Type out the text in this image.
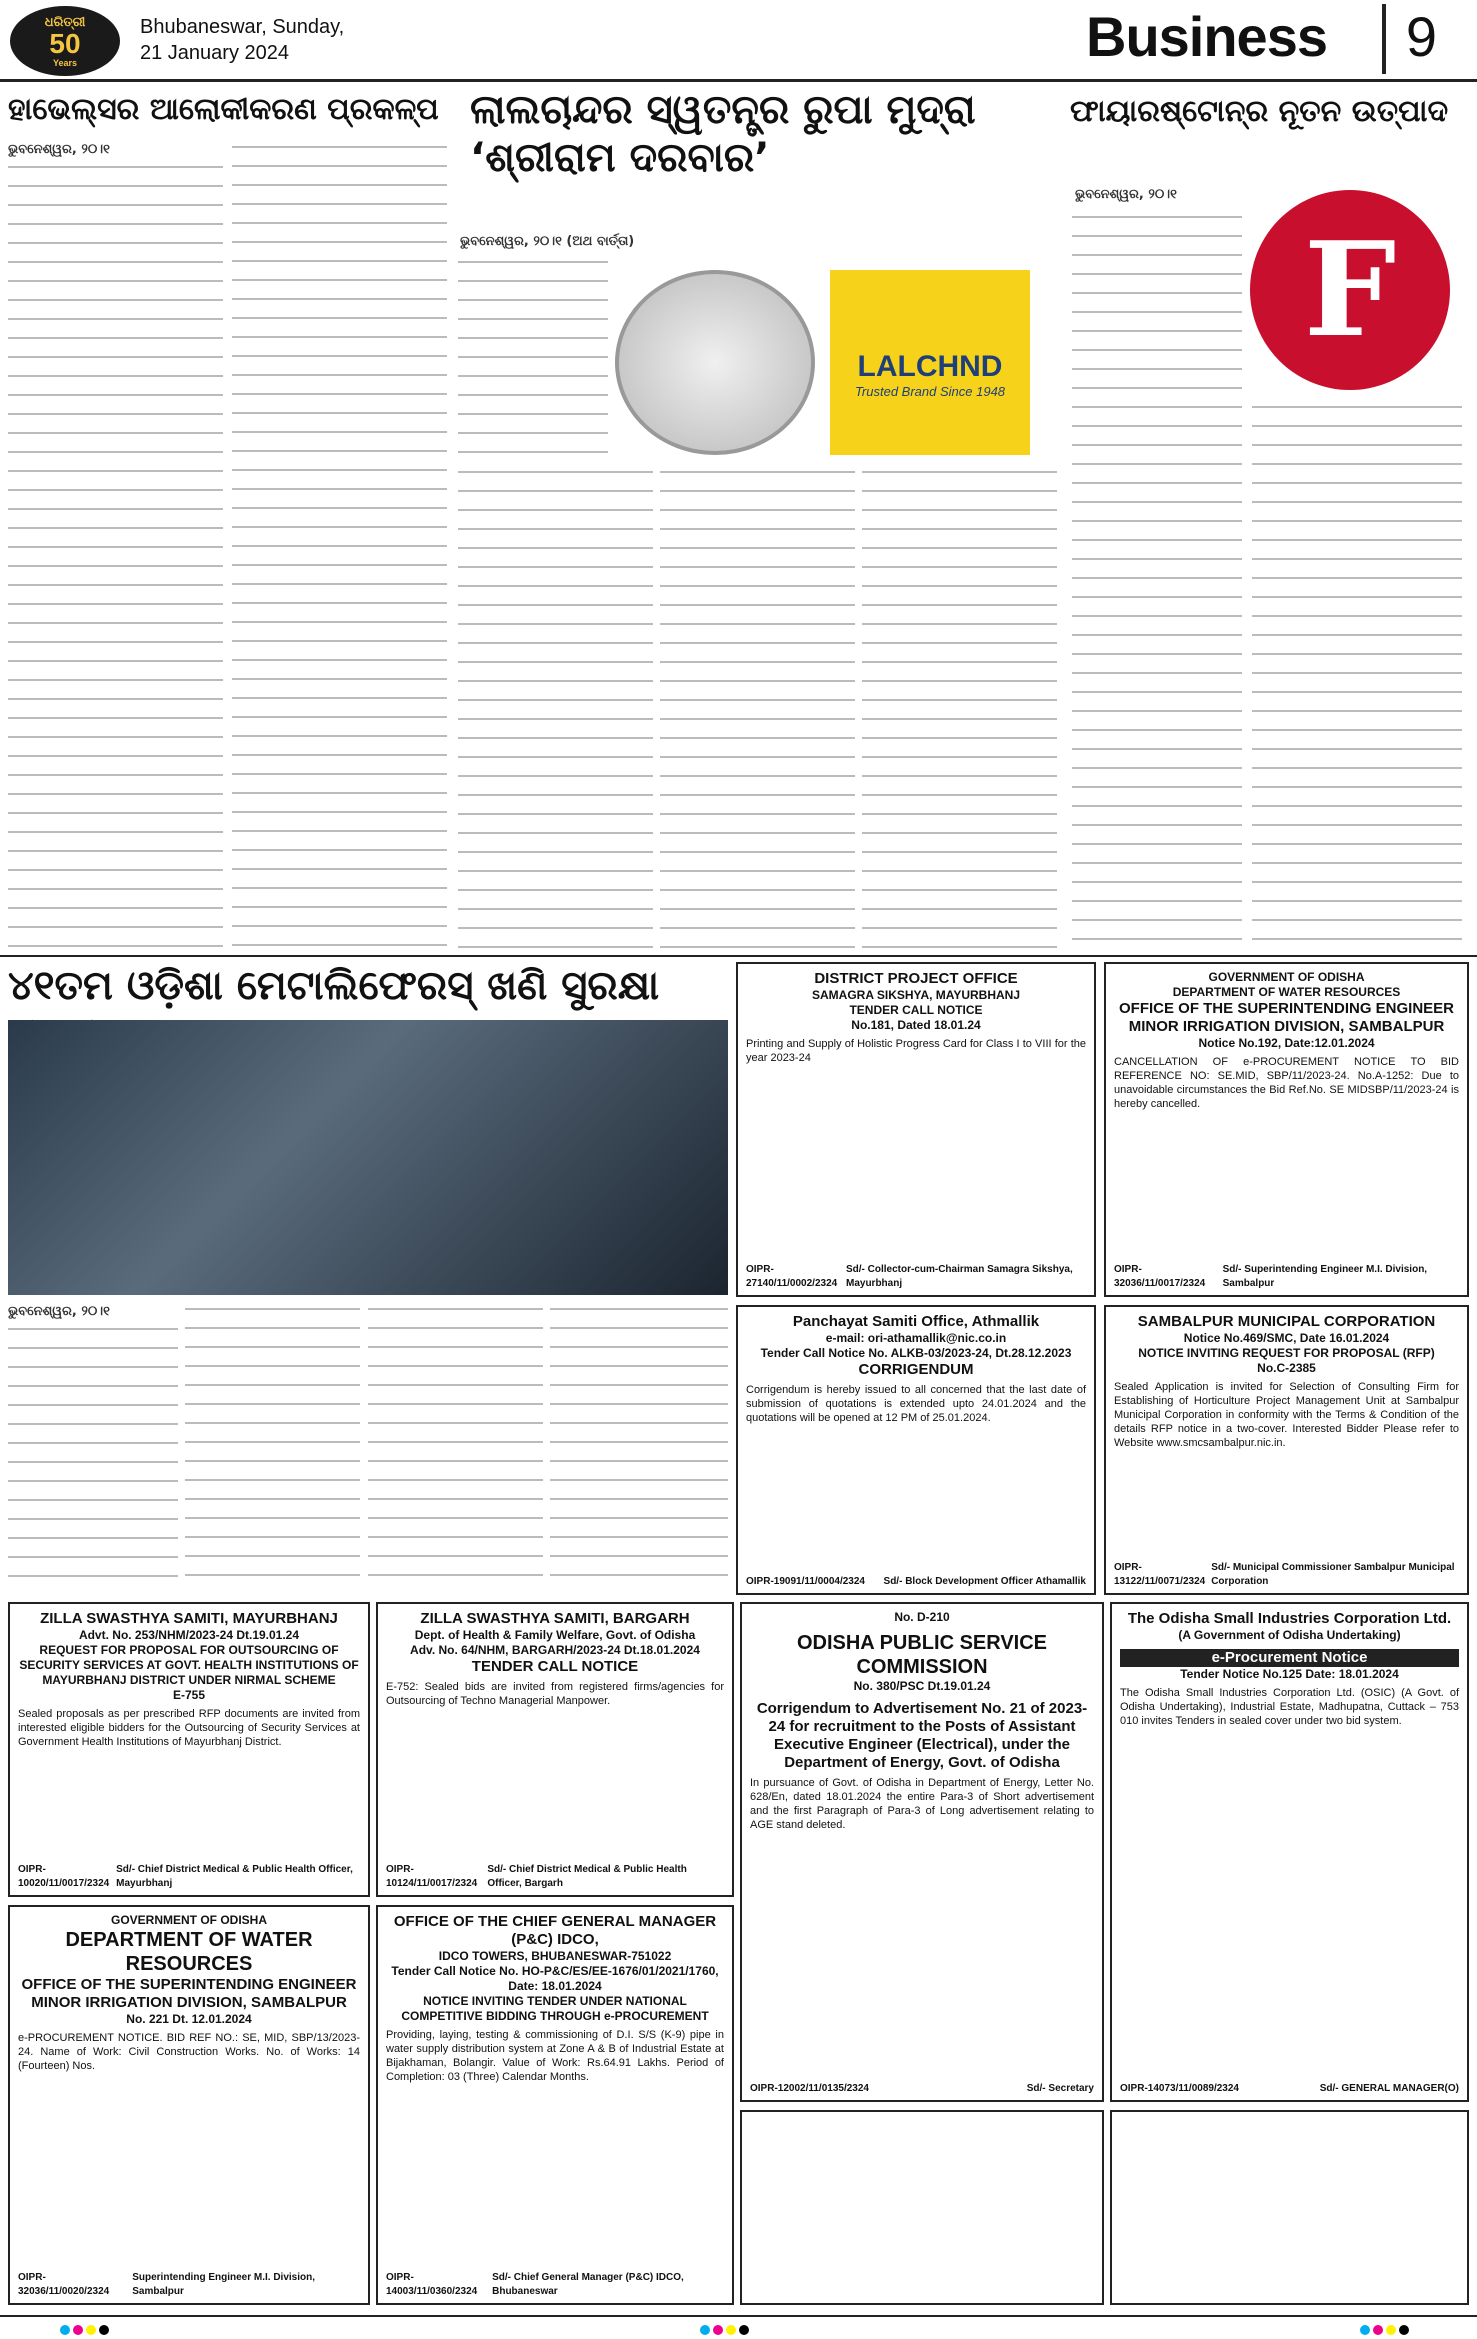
ଧରିତ୍ରୀ
50
Years
Bhubaneswar, Sunday,
21 January 2024	Business	9
ହାଭେଲ୍ସର ଆଲୋକୀକରଣ ପ୍ରକଳ୍ପ
ଭୁବନେଶ୍ୱର, ୨୦।୧
ଲାଲଚାନ୍ଦର ସ୍ୱତନ୍ତ୍ର ରୁପା ମୁଦ୍ରା ‘ଶ୍ରୀରାମ ଦରବାର’
ଭୁବନେଶ୍ୱର, ୨୦।୧ (ଅଥ ବାର୍ତ୍ତା)
LALCHND
Trusted Brand Since 1948
ଫାୟାରଷ୍ଟୋନ୍‌ର ନୂତନ ଉତ୍ପାଦ
ଭୁବନେଶ୍ୱର, ୨୦।୧
F
୪୧ତମ ଓଡ଼ିଶା ମେଟାଲିଫେରସ୍ ଖଣି ସୁରକ୍ଷା
ଭୁବନେଶ୍ୱର, ୨୦।୧
DISTRICT PROJECT OFFICE
SAMAGRA SIKSHYA, MAYURBHANJ
TENDER CALL NOTICE
No.181, Dated 18.01.24

Printing and Supply of Holistic Progress Card for Class I to VIII for the year 2023-24

OIPR-27140/11/0002/2324
Sd/- Collector-cum-Chairman Samagra Sikshya, Mayurbhanj
GOVERNMENT OF ODISHA
DEPARTMENT OF WATER RESOURCES
OFFICE OF THE SUPERINTENDING ENGINEER MINOR IRRIGATION DIVISION, SAMBALPUR
Notice No.192, Date:12.01.2024

CANCELLATION OF e-PROCUREMENT NOTICE TO BID REFERENCE NO: SE.MID, SBP/11/2023-24. No.A-1252: Due to unavoidable circumstances the Bid Ref.No. SE MIDSBP/11/2023-24 is hereby cancelled.

OIPR-32036/11/0017/2324
Sd/- Superintending Engineer M.I. Division, Sambalpur
Panchayat Samiti Office, Athmallik
e-mail: ori-athamallik@nic.co.in
Tender Call Notice No. ALKB-03/2023-24, Dt.28.12.2023
CORRIGENDUM

Corrigendum is hereby issued to all concerned that the last date of submission of quotations is extended upto 24.01.2024 and the quotations will be opened at 12 PM of 25.01.2024.

OIPR-19091/11/0004/2324 Sd/- Block Development Officer Athamallik
SAMBALPUR MUNICIPAL CORPORATION
Notice No.469/SMC, Date 16.01.2024
NOTICE INVITING REQUEST FOR PROPOSAL (RFP)
No.C-2385

Sealed Application is invited for Selection of Consulting Firm for Establishing of Horticulture Project Management Unit at Sambalpur Municipal Corporation in conformity with the Terms & Condition of the details RFP notice in a two-cover. Interested Bidder Please refer to Website www.smcsambalpur.nic.in.

OIPR-13122/11/0071/2324
Sd/- Municipal Commissioner Sambalpur Municipal Corporation
ZILLA SWASTHYA SAMITI, MAYURBHANJ
Advt. No. 253/NHM/2023-24 Dt.19.01.24
REQUEST FOR PROPOSAL FOR OUTSOURCING OF SECURITY SERVICES AT GOVT. HEALTH INSTITUTIONS OF MAYURBHANJ DISTRICT UNDER NIRMAL SCHEME
E-755

Sealed proposals as per prescribed RFP documents are invited from interested eligible bidders for the Outsourcing of Security Services at Government Health Institutions of Mayurbhanj District.

OIPR-10020/11/0017/2324
Sd/- Chief District Medical & Public Health Officer, Mayurbhanj
ZILLA SWASTHYA SAMITI, BARGARH
Dept. of Health & Family Welfare, Govt. of Odisha
Adv. No. 64/NHM, BARGARH/2023-24 Dt.18.01.2024
TENDER CALL NOTICE

E-752: Sealed bids are invited from registered firms/agencies for Outsourcing of Techno Managerial Manpower.

OIPR-10124/11/0017/2324
Sd/- Chief District Medical & Public Health Officer, Bargarh
No. D-210
ODISHA PUBLIC SERVICE COMMISSION
No. 380/PSC Dt.19.01.24
Corrigendum to Advertisement No. 21 of 2023-24 for recruitment to the Posts of Assistant Executive Engineer (Electrical), under the Department of Energy, Govt. of Odisha

In pursuance of Govt. of Odisha in Department of Energy, Letter No. 628/En, dated 18.01.2024 the entire Para-3 of Short advertisement and the first Paragraph of Para-3 of Long advertisement relating to AGE stand deleted.

OIPR-12002/11/0135/2324	Sd/- Secretary
The Odisha Small Industries Corporation Ltd.
(A Government of Odisha Undertaking)
e-Procurement Notice
Tender Notice No.125 Date: 18.01.2024

The Odisha Small Industries Corporation Ltd. (OSIC) (A Govt. of Odisha Undertaking), Industrial Estate, Madhupatna, Cuttack – 753 010 invites Tenders in sealed cover under two bid system.

OIPR-14073/11/0089/2324	Sd/- GENERAL MANAGER(O)
GOVERNMENT OF ODISHA
DEPARTMENT OF WATER RESOURCES
OFFICE OF THE SUPERINTENDING ENGINEER MINOR IRRIGATION DIVISION, SAMBALPUR
No. 221 Dt. 12.01.2024

e-PROCUREMENT NOTICE. BID REF NO.: SE, MID, SBP/13/2023-24. Name of Work: Civil Construction Works. No. of Works: 14 (Fourteen) Nos.

OIPR-32036/11/0020/2324
Superintending Engineer M.I. Division, Sambalpur
OFFICE OF THE CHIEF GENERAL MANAGER (P&C) IDCO,
IDCO TOWERS, BHUBANESWAR-751022
Tender Call Notice No. HO-P&C/ES/EE-1676/01/2021/1760, Date: 18.01.2024
NOTICE INVITING TENDER UNDER NATIONAL COMPETITIVE BIDDING THROUGH e-PROCUREMENT

Providing, laying, testing & commissioning of D.I. S/S (K-9) pipe in water supply distribution system at Zone A & B of Industrial Estate at Bijakhaman, Bolangir. Value of Work: Rs.64.91 Lakhs. Period of Completion: 03 (Three) Calendar Months.

OIPR-14003/11/0360/2324
Sd/- Chief General Manager (P&C) IDCO, Bhubaneswar
